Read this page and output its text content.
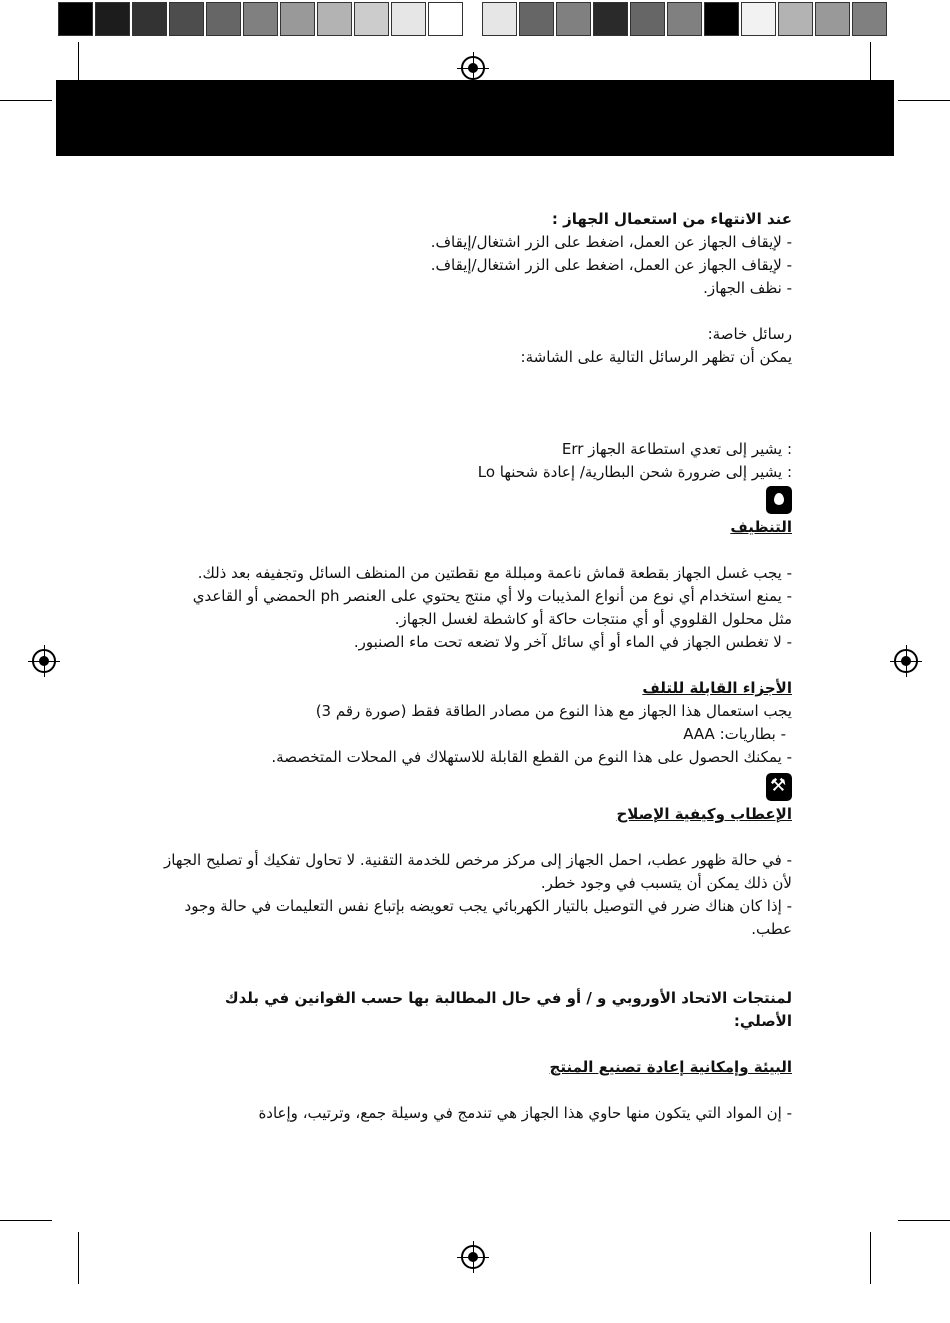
عند الانتهاء من استعمال الجهاز :

- لإيقاف الجهاز عن العمل، اضغط على الزر اشتغال/إيقاف.

- لإيقاف الجهاز عن العمل، اضغط على الزر اشتغال/إيقاف.

- نظف الجهاز.

رسائل خاصة:

يمكن أن تظهر الرسائل التالية على الشاشة:

: يشير إلى تعدي استطاعة الجهاز Err

: يشير إلى ضرورة شحن البطارية/ إعادة شحنها Lo

التنظيف

- يجب غسل الجهاز بقطعة قماش ناعمة ومبللة مع نقطتين من المنظف السائل وتجفيفه بعد ذلك.

- يمنع استخدام أي نوع من أنواع المذيبات ولا أي منتج يحتوي على العنصر ph الحمضي أو القاعدي مثل محلول القلووي أو أي منتجات حاكة أو كاشطة لغسل الجهاز.

- لا تغطس الجهاز في الماء أو أي سائل آخر ولا تضعه تحت ماء الصنبور.

الأجزاء القابلة للتلف

يجب استعمال هذا الجهاز مع هذا النوع من مصادر الطاقة فقط (صورة رقم 3)

- بطاريات: AAA

- يمكنك الحصول على هذا النوع من القطع القابلة للاستهلاك في المحلات المتخصصة.

⚒

الإعطاب وكيفية الإصلاح

- في حالة ظهور عطب، احمل الجهاز إلى مركز مرخص للخدمة التقنية. لا تحاول تفكيك أو تصليح الجهاز لأن ذلك يمكن أن يتسبب في وجود خطر.

- إذا كان هناك ضرر في التوصيل بالتيار الكهربائي يجب تعويضه بإتباع نفس التعليمات في حالة وجود عطب.

لمنتجات الاتحاد الأوروبي و / أو في حال المطالبة بها حسب القوانين في بلدك الأصلي:

البيئة وإمكانية إعادة تصنيع المنتج

- إن المواد التي يتكون منها حاوي هذا الجهاز هي تندمج في وسيلة جمع، وترتيب، وإعادة
